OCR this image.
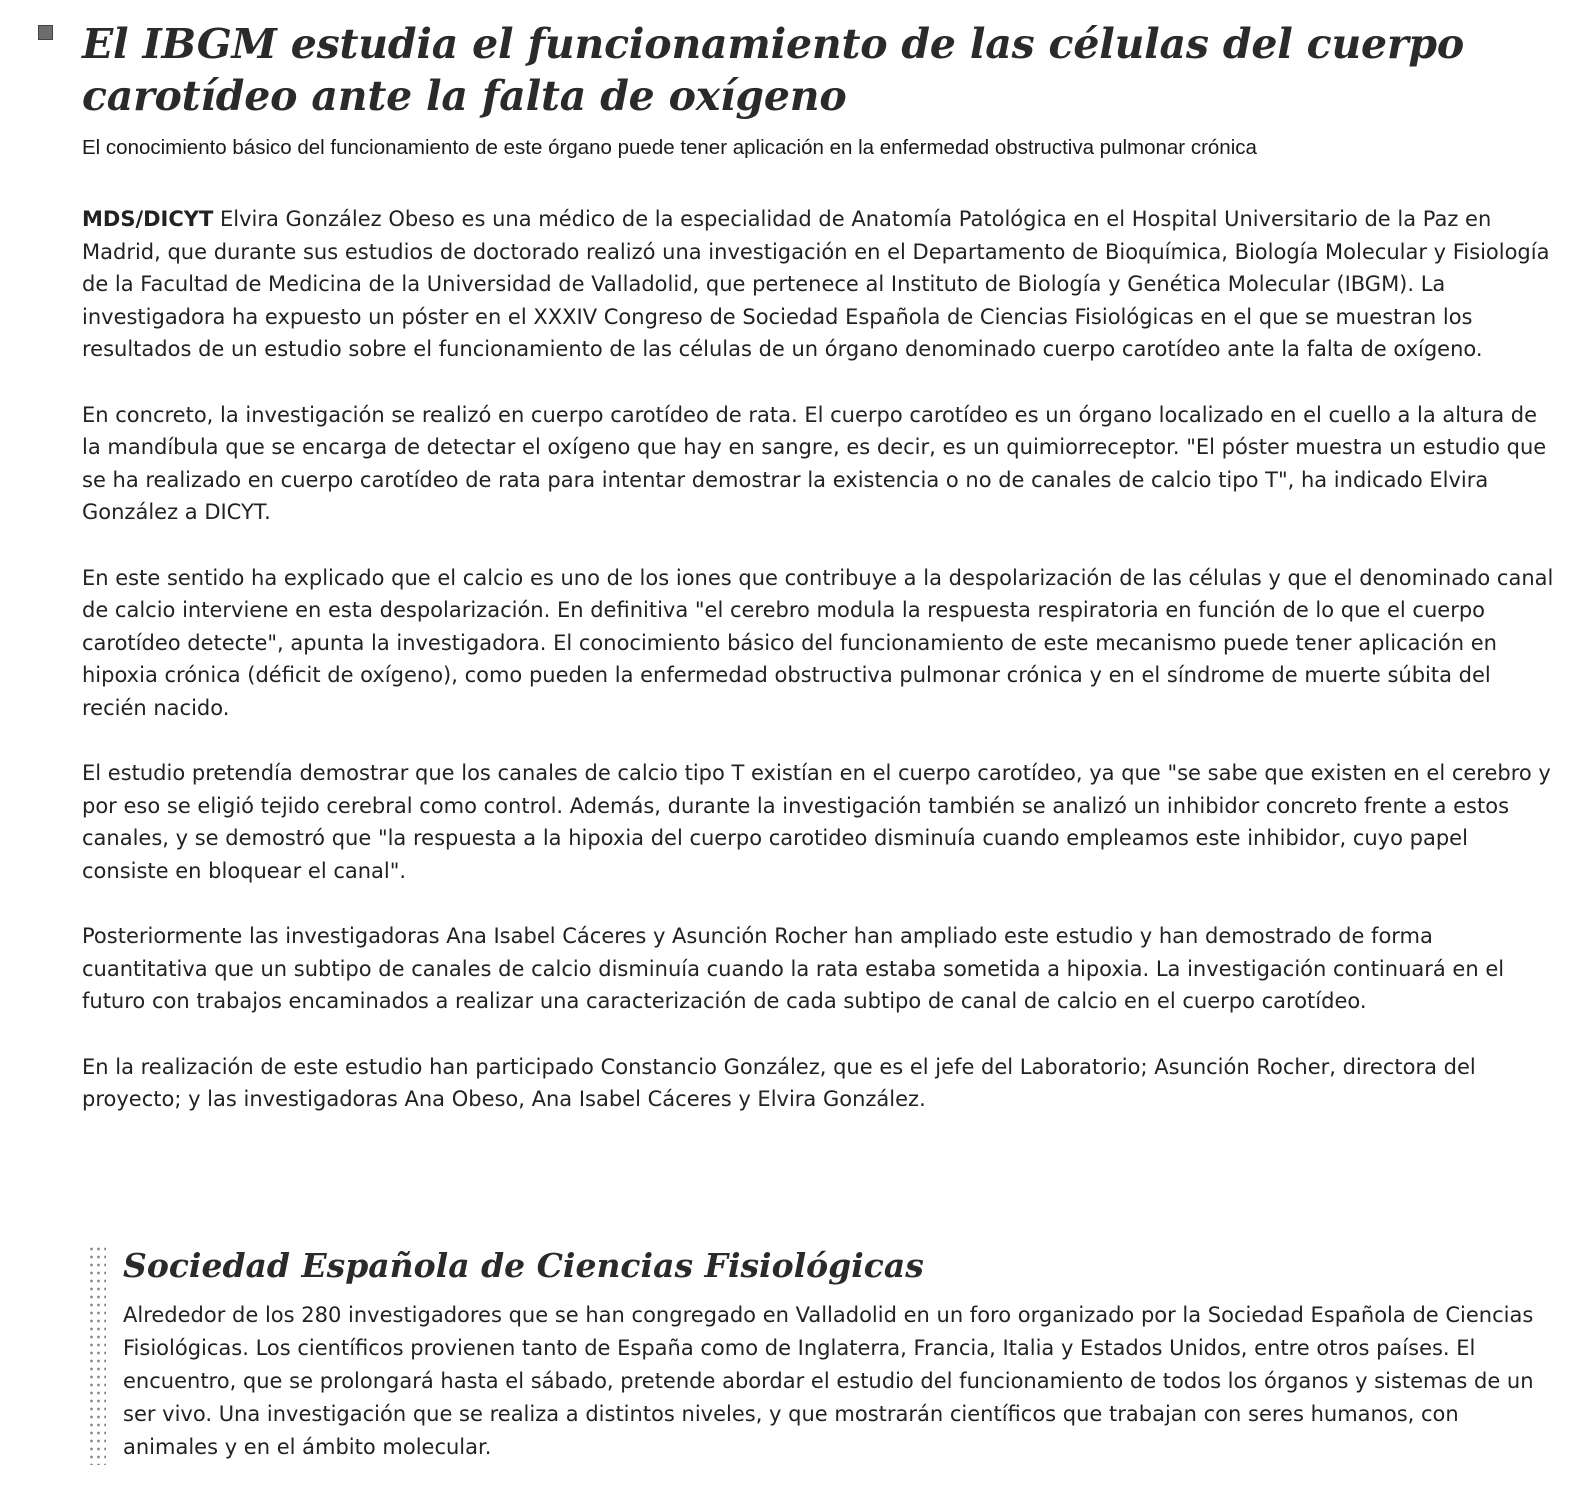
El IBGM estudia el funcionamiento de las células del cuerpo carotídeo ante la falta de oxígeno

El conocimiento básico del funcionamiento de este órgano puede tener aplicación en la enfermedad obstructiva pulmonar crónica

MDS/DICYT Elvira González Obeso es una médico de la especialidad de Anatomía Patológica en el Hospital Universitario de la Paz en Madrid, que durante sus estudios de doctorado realizó una investigación en el Departamento de Bioquímica, Biología Molecular y Fisiología de la Facultad de Medicina de la Universidad de Valladolid, que pertenece al Instituto de Biología y Genética Molecular (IBGM). La investigadora ha expuesto un póster en el XXXIV Congreso de Sociedad Española de Ciencias Fisiológicas en el que se muestran los resultados de un estudio sobre el funcionamiento de las células de un órgano denominado cuerpo carotídeo ante la falta de oxígeno.

En concreto, la investigación se realizó en cuerpo carotídeo de rata. El cuerpo carotídeo es un órgano localizado en el cuello a la altura de la mandíbula que se encarga de detectar el oxígeno que hay en sangre, es decir, es un quimiorreceptor. "El póster muestra un estudio que se ha realizado en cuerpo carotídeo de rata para intentar demostrar la existencia o no de canales de calcio tipo T", ha indicado Elvira González a DICYT.

En este sentido ha explicado que el calcio es uno de los iones que contribuye a la despolarización de las células y que el denominado canal de calcio interviene en esta despolarización. En definitiva "el cerebro modula la respuesta respiratoria en función de lo que el cuerpo carotídeo detecte", apunta la investigadora. El conocimiento básico del funcionamiento de este mecanismo puede tener aplicación en hipoxia crónica (déficit de oxígeno), como pueden la enfermedad obstructiva pulmonar crónica y en el síndrome de muerte súbita del recién nacido.

El estudio pretendía demostrar que los canales de calcio tipo T existían en el cuerpo carotídeo, ya que "se sabe que existen en el cerebro y por eso se eligió tejido cerebral como control. Además, durante la investigación también se analizó un inhibidor concreto frente a estos canales, y se demostró que "la respuesta a la hipoxia del cuerpo carotideo disminuía cuando empleamos este inhibidor, cuyo papel consiste en bloquear el canal".

Posteriormente las investigadoras Ana Isabel Cáceres y Asunción Rocher han ampliado este estudio y han demostrado de forma cuantitativa que un subtipo de canales de calcio disminuía cuando la rata estaba sometida a hipoxia. La investigación continuará en el futuro con trabajos encaminados a realizar una caracterización de cada subtipo de canal de calcio en el cuerpo carotídeo.

En la realización de este estudio han participado Constancio González, que es el jefe del Laboratorio; Asunción Rocher, directora del proyecto; y las investigadoras Ana Obeso, Ana Isabel Cáceres y Elvira González.

Sociedad Española de Ciencias Fisiológicas

Alrededor de los 280 investigadores que se han congregado en Valladolid en un foro organizado por la Sociedad Española de Ciencias Fisiológicas. Los científicos provienen tanto de España como de Inglaterra, Francia, Italia y Estados Unidos, entre otros países. El encuentro, que se prolongará hasta el sábado, pretende abordar el estudio del funcionamiento de todos los órganos y sistemas de un ser vivo. Una investigación que se realiza a distintos niveles, y que mostrarán científicos que trabajan con seres humanos, con animales y en el ámbito molecular.
